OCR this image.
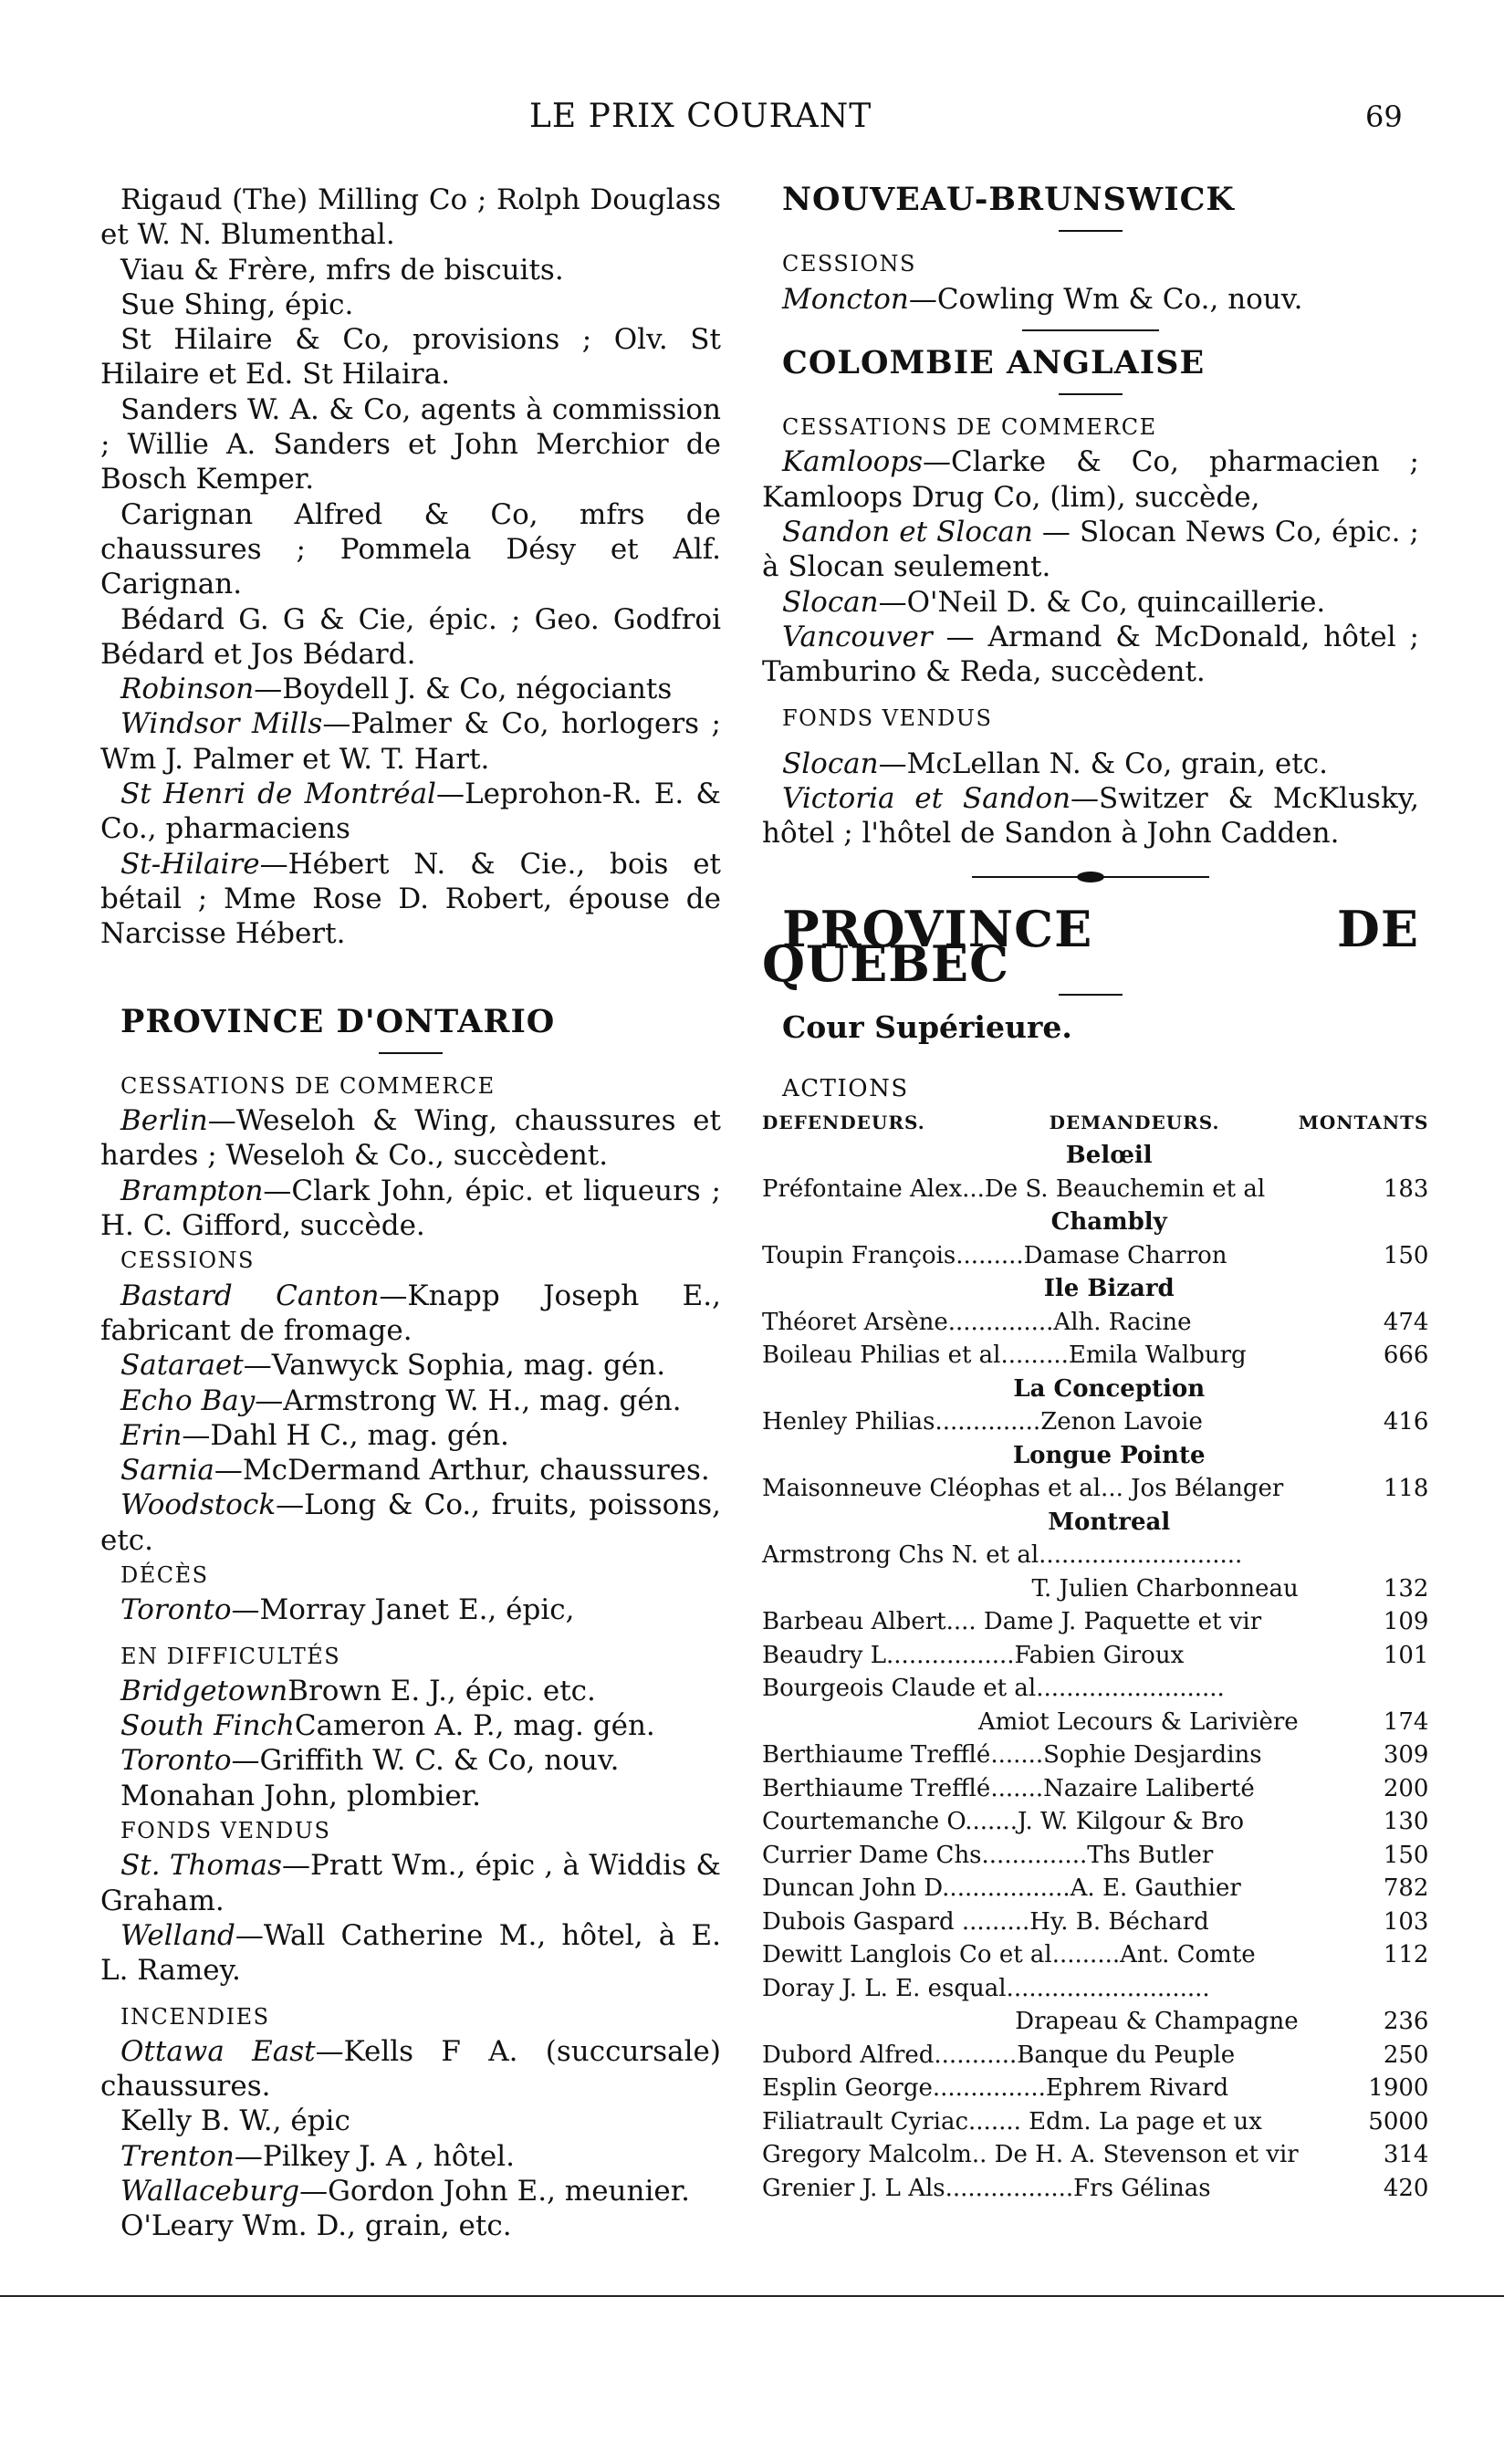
LE PRIX COURANT	69

Rigaud (The) Milling Co ; Rolph Douglass et W. N. Blumenthal.

Viau & Frère, mfrs de biscuits.

Sue Shing, épic.

St Hilaire & Co, provisions ; Olv. St Hilaire et Ed. St Hilaira.

Sanders W. A. & Co, agents à commission ; Willie A. Sanders et John Merchior de Bosch Kemper.

Carignan Alfred & Co, mfrs de chaussures ; Pommela Désy et Alf. Carignan.

Bédard G. G & Cie, épic. ; Geo. Godfroi Bédard et Jos Bédard.

Robinson—Boydell J. & Co, négociants

Windsor Mills—Palmer & Co, horlogers ; Wm J. Palmer et W. T. Hart.

St Henri de Montréal—Leprohon-R. E. & Co., pharmaciens

St-Hilaire—Hébert N. & Cie., bois et bétail ; Mme Rose D. Robert, épouse de Narcisse Hébert.

PROVINCE D'ONTARIO

CESSATIONS DE COMMERCE

Berlin—Weseloh & Wing, chaussures et hardes ; Weseloh & Co., succèdent.

Brampton—Clark John, épic. et liqueurs ; H. C. Gifford, succède.

CESSIONS

Bastard Canton—Knapp Joseph E., fabricant de fromage.

Sataraet—Vanwyck Sophia, mag. gén.

Echo Bay—Armstrong W. H., mag. gén.

Erin—Dahl H C., mag. gén.

Sarnia—McDermand Arthur, chaussures.

Woodstock—Long & Co., fruits, poissons, etc.

DÉCÈS

Toronto—Morray Janet E., épic,

EN DIFFICULTÉS

BridgetownBrown E. J., épic. etc.

South FinchCameron A. P., mag. gén.

Toronto—Griffith W. C. & Co, nouv.

Monahan John, plombier.

FONDS VENDUS

St. Thomas—Pratt Wm., épic , à Widdis & Graham.

Welland—Wall Catherine M., hôtel, à E. L. Ramey.

INCENDIES

Ottawa East—Kells F A. (succursale) chaussures.

Kelly B. W., épic

Trenton—Pilkey J. A , hôtel.

Wallaceburg—Gordon John E., meunier.

O'Leary Wm. D., grain, etc.

NOUVEAU-BRUNSWICK

CESSIONS

Moncton—Cowling Wm & Co., nouv.

COLOMBIE ANGLAISE

CESSATIONS DE COMMERCE

Kamloops—Clarke & Co, pharmacien ; Kamloops Drug Co, (lim), succède,

Sandon et Slocan — Slocan News Co, épic. ; à Slocan seulement.

Slocan—O'Neil D. & Co, quincaillerie.

Vancouver — Armand & McDonald, hôtel ; Tamburino & Reda, succèdent.

FONDS VENDUS

Slocan—McLellan N. & Co, grain, etc.

Victoria et Sandon—Switzer & McKlusky, hôtel ; l'hôtel de Sandon à John Cadden.

PROVINCE DE QUEBEC

Cour Supérieure.

ACTIONS

DEFENDEURS. DEMANDEURS.	MONTANTS
Belœil	
Préfontaine Alex...De S. Beauchemin et al	183
Chambly	
Toupin François.........Damase Charron	150
Ile Bizard	
Théoret Arsène..............Alh. Racine	474
Boileau Philias et al.........Emila Walburg	666
La Conception	
Henley Philias..............Zenon Lavoie	416
Longue Pointe	
Maisonneuve Cléophas et al... Jos Bélanger	118
Montreal	
Armstrong Chs N. et al...........................	
T. Julien Charbonneau	132
Barbeau Albert.... Dame J. Paquette et vir	109
Beaudry L.................Fabien Giroux	101
Bourgeois Claude et al.........................	
Amiot Lecours & Larivière	174
Berthiaume Trefflé.......Sophie Desjardins	309
Berthiaume Trefflé.......Nazaire Laliberté	200
Courtemanche O.......J. W. Kilgour & Bro	130
Currier Dame Chs..............Ths Butler	150
Duncan John D.................A. E. Gauthier	782
Dubois Gaspard .........Hy. B. Béchard	103
Dewitt Langlois Co et al.........Ant. Comte	112
Doray J. L. E. esqual...........................	
Drapeau & Champagne	236
Dubord Alfred...........Banque du Peuple	250
Esplin George...............Ephrem Rivard	1900
Filiatrault Cyriac....... Edm. La page et ux	5000
Gregory Malcolm.. De H. A. Stevenson et vir	314
Grenier J. L Als.................Frs Gélinas	420
